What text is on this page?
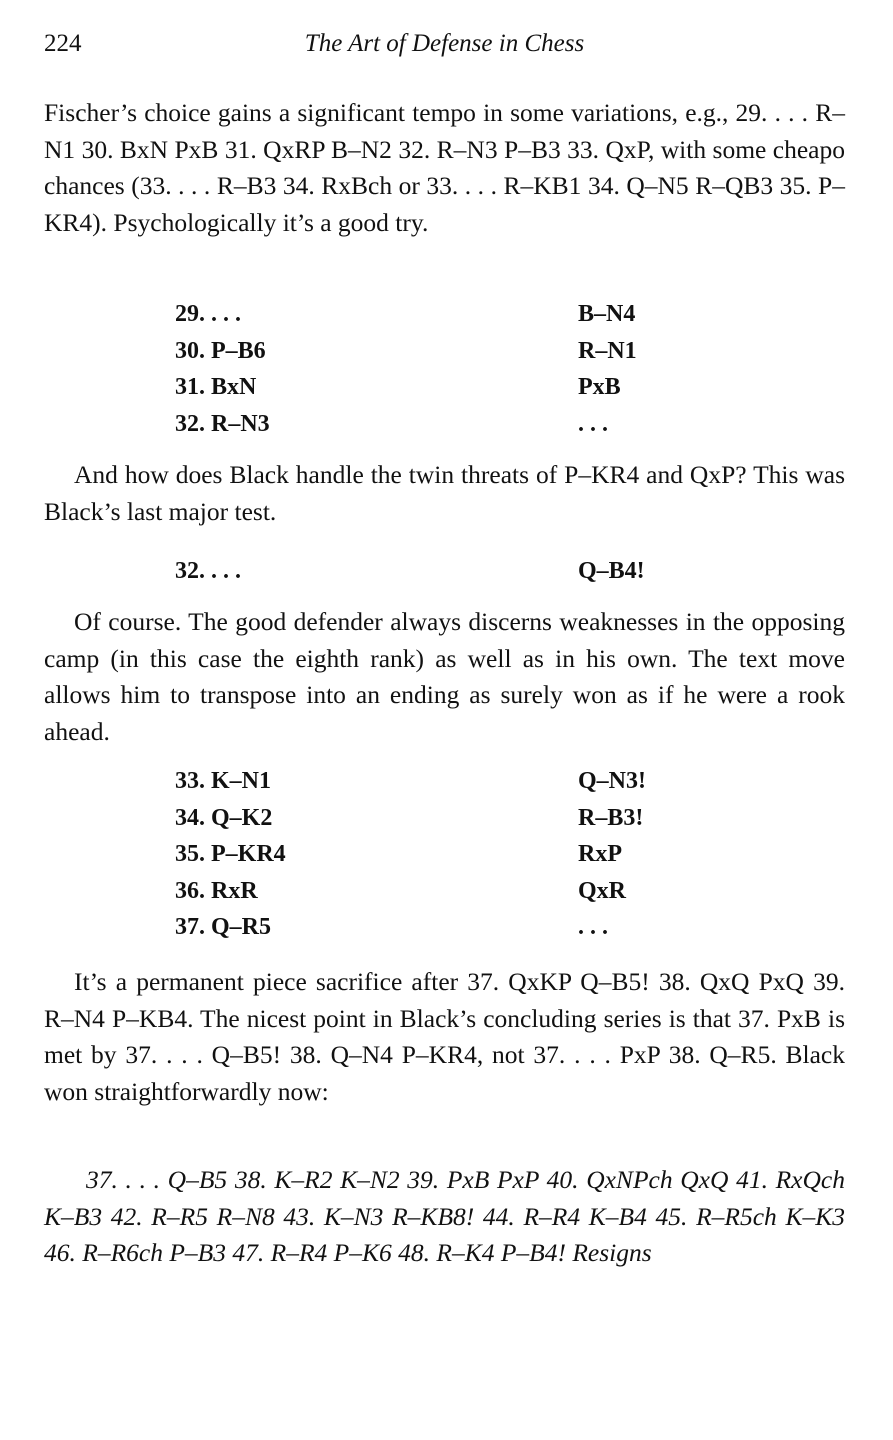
224	The Art of Defense in Chess

Fischer’s choice gains a significant tempo in some variations, e.g., 29. . . . R–N1 30. BxN PxB 31. QxRP B–N2 32. R–N3 P–B3 33. QxP, with some cheapo chances (33. . . . R–B3 34. RxBch or 33. . . . R–KB1 34. Q–N5 R–QB3 35. P–KR4). Psychologically it’s a good try.

29. . . .	B–N4
30. P–B6	R–N1
31. BxN	PxB
32. R–N3	. . .

And how does Black handle the twin threats of P–KR4 and QxP? This was Black’s last major test.

32. . . .	Q–B4!

Of course. The good defender always discerns weaknesses in the opposing camp (in this case the eighth rank) as well as in his own. The text move allows him to transpose into an ending as surely won as if he were a rook ahead.

33. K–N1	Q–N3!
34. Q–K2	R–B3!
35. P–KR4	RxP
36. RxR	QxR
37. Q–R5	. . .

It’s a permanent piece sacrifice after 37. QxKP Q–B5! 38. QxQ PxQ 39. R–N4 P–KB4. The nicest point in Black’s concluding series is that 37. PxB is met by 37. . . . Q–B5! 38. Q–N4 P–KR4, not 37. . . . PxP 38. Q–R5. Black won straightforwardly now:

37. . . . Q–B5 38. K–R2 K–N2 39. PxB PxP 40. QxNPch QxQ 41. RxQch K–B3 42. R–R5 R–N8 43. K–N3 R–KB8! 44. R–R4 K–B4 45. R–R5ch K–K3 46. R–R6ch P–B3 47. R–R4 P–K6 48. R–K4 P–B4! Resigns
